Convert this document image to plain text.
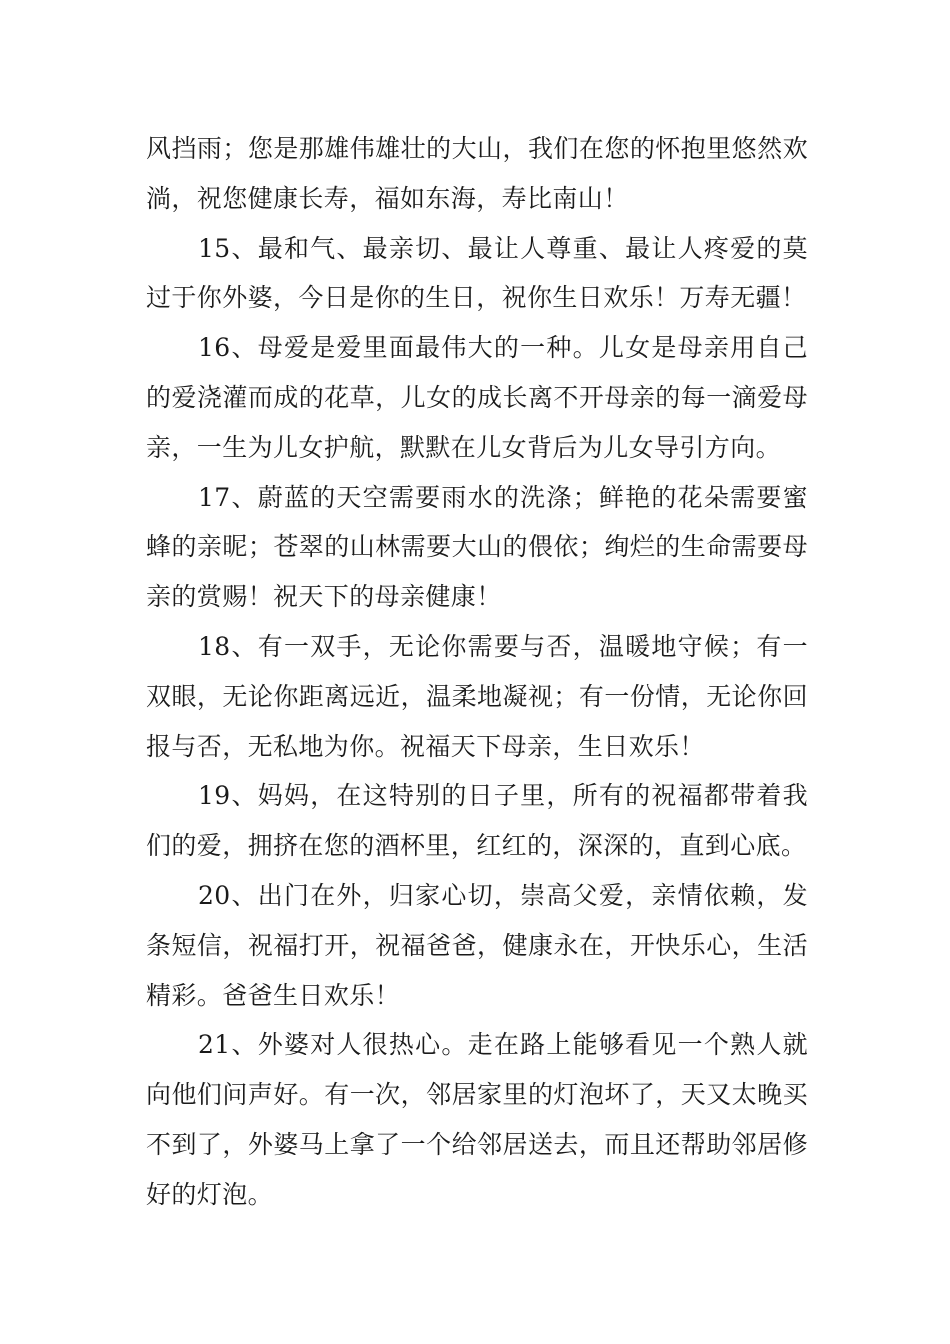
风挡雨；您是那雄伟雄壮的大山，我们在您的怀抱里悠然欢淌，祝您健康长寿，福如东海，寿比南山！

15、最和气、最亲切、最让人尊重、最让人疼爱的莫过于你外婆，今日是你的生日，祝你生日欢乐！万寿无疆！

16、母爱是爱里面最伟大的一种。儿女是母亲用自己的爱浇灌而成的花草，儿女的成长离不开母亲的每一滴爱母亲，一生为儿女护航，默默在儿女背后为儿女导引方向。

17、蔚蓝的天空需要雨水的洗涤；鲜艳的花朵需要蜜蜂的亲昵；苍翠的山林需要大山的偎依；绚烂的生命需要母亲的赏赐！祝天下的母亲健康！

18、有一双手，无论你需要与否，温暖地守候；有一双眼，无论你距离远近，温柔地凝视；有一份情，无论你回报与否，无私地为你。祝福天下母亲，生日欢乐！

19、妈妈，在这特别的日子里，所有的祝福都带着我们的爱，拥挤在您的酒杯里，红红的，深深的，直到心底。

20、出门在外，归家心切，崇高父爱，亲情依赖，发条短信，祝福打开，祝福爸爸，健康永在，开快乐心，生活精彩。爸爸生日欢乐！

21、外婆对人很热心。走在路上能够看见一个熟人就向他们问声好。有一次，邻居家里的灯泡坏了，天又太晚买不到了，外婆马上拿了一个给邻居送去，而且还帮助邻居修好的灯泡。
